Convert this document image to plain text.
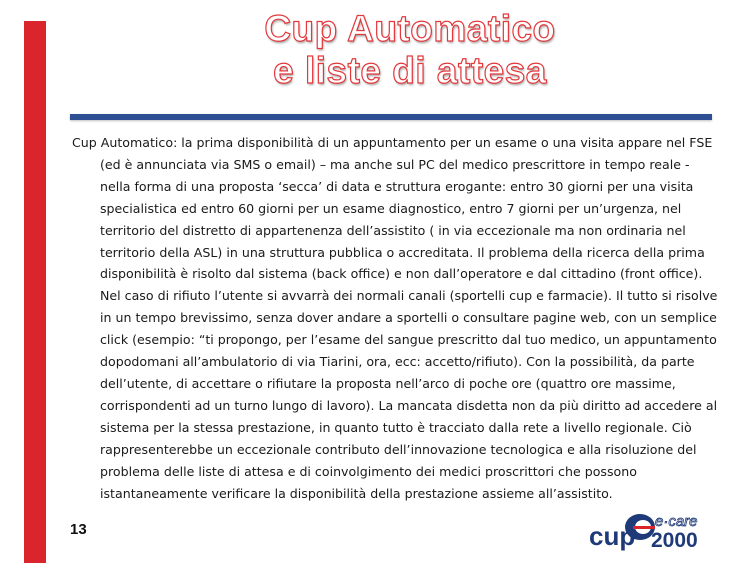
Cup Automatico
e liste di attesa
Cup Automatico: la prima disponibilità di un appuntamento per un esame o una visita appare nel FSE (ed è annunciata via SMS o email) – ma anche sul PC del medico prescrittore in tempo reale - nella forma di una proposta ‘secca’ di data e struttura erogante: entro 30 giorni per una visita specialistica ed entro 60 giorni per un esame diagnostico, entro 7 giorni per un’urgenza, nel territorio del distretto di appartenenza dell’assistito ( in via eccezionale ma non ordinaria nel territorio della ASL) in una struttura pubblica o accreditata. Il problema della ricerca della prima disponibilità è risolto dal sistema (back office) e non dall’operatore e dal cittadino (front office). Nel caso di rifiuto l’utente si avvarrà dei normali canali (sportelli cup e farmacie). Il tutto si risolve in un tempo brevissimo, senza dover andare a sportelli o consultare pagine web, con un semplice click (esempio: “ti propongo, per l’esame del sangue prescritto dal tuo medico, un appuntamento dopodomani all’ambulatorio di via Tiarini, ora, ecc: accetto/rifiuto). Con la possibilità, da parte dell’utente, di accettare o rifiutare la proposta nell’arco di poche ore (quattro ore massime, corrispondenti ad un turno lungo di lavoro). La mancata disdetta non da più diritto ad accedere al sistema per la stessa prestazione, in quanto tutto è tracciato dalla rete a livello regionale. Ciò rappresenterebbe un eccezionale contributo dell’innovazione tecnologica e alla risoluzione del problema delle liste di attesa e di coinvolgimento dei medici proscrittori che possono istantaneamente verificare la disponibilità della prestazione assieme all’assistito.
13	cup e·care
2000
